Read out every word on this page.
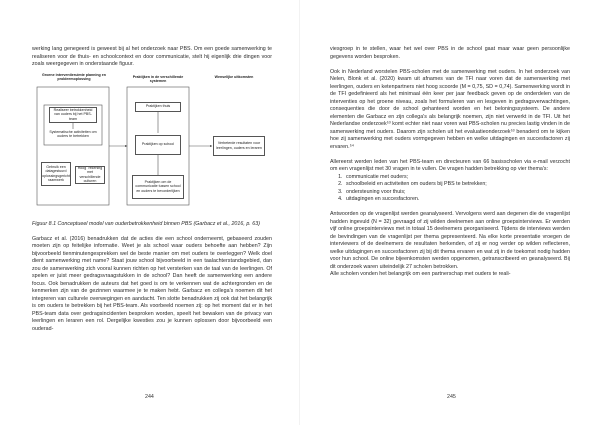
werking lang genegeerd is geweest bij al het onderzoek naar PBS. Om een goede samenwerking te realiseren voor de thuis- en schoolcontext en door communicatie, stelt hij eigenlijk drie dingen voor zoals weergegeven in onderstaande figuur.

Groene interventieruimte planning en probleemoplossing
Praktijken in de verschillende systemen
Wenselijke uitkomsten
Realiseer betrokkenheid van ouders bij het PBS-team
Systematische activiteiten om ouders te betrekken
Gebruik een datagestuurd oplossingsgericht raamwerk
Hoog´ rekening met verschillende culturen
Praktijken thuis
Praktijken op school
Praktijken om de communicatie tussen school en ouders te bevorderlijken
Verbeterde resultaten voor leerlingen, ouders en leraren

Figuur 8.1 Conceptueel model van ouderbetrokkenheid binnen PBS (Garbacz et al., 2016, p. 63)

Garbacz et al. (2016) benadrukken dat de acties die een school onderneemt, gebaseerd zouden moeten zijn op feitelijke informatie. Weet je als school waar ouders behoefte aan hebben? Zijn bijvoorbeeld tienminutengesprekken wel de beste manier om met ouders te overleggen? Welk doel dient samenwerking met name? Staat jouw school bijvoorbeeld in een taalachterstandsgebied, dan zou de samenwerking zich vooral kunnen richten op het versterken van de taal van de leerlingen. Of spelen er juist meer gedragsvraagstukken in de school? Dan heeft de samenwerking een andere focus. Ook benadrukken de auteurs dat het goed is om te verkennen wat de achtergronden en de kenmerken zijn van de gezinnen waarmee je te maken hebt. Garbacz en collega's noemen dit het integreren van culturele overwegingen en aandacht. Ten slotte benadrukken zij ook dat het belangrijk is om ouders te betrekken bij het PBS-team. Als voorbeeld noemen zij: op het moment dat er in het PBS-team data over gedragsincidenten besproken worden, speelt het bewaken van de privacy van leerlingen en leraren een rol. Dergelijke kwesties zou je kunnen oplossen door bijvoorbeeld een ouderad-

244

viesgroep in te stellen, waar het wel over PBS in de school gaat maar waar geen persoonlijke gegevens worden besproken.

Ook in Nederland worstelen PBS-scholen met de samenwerking met ouders. In het onderzoek van Nelen, Blonk et al. (2020) kwam uit afnames van de TFI naar voren dat de samenwerking met leerlingen, ouders en ketenpartners niet hoog scoorde (M = 0,75, SD = 0,74). Samenwerking wordt in de TFI gedefinieerd als het minimaal één keer per jaar feedback geven op de onderdelen van de interventies op het groene niveau, zoals het formuleren van en lesgeven in gedragsverwachtingen, consequenties die door de school gehanteerd worden en het beloningssysteem. De andere elementen die Garbacz en zijn collega's als belangrijk noemen, zijn niet verwerkt in de TFI. Uit het Nederlandse onderzoek⁵³ komt echter niet naar voren wat PBS-scholen nu precies lastig vinden in de samenwerking met ouders. Daarom zijn scholen uit het evaluatieonderzoek⁵³ benaderd om te kijken hoe zij samenwerking met ouders vormgegeven hebben en welke uitdagingen en succesfactoren zij ervaren.⁵⁴

Allereerst werden leden van het PBS-team en directeuren van 66 basisscholen via e-mail verzocht om een vragenlijst met 30 vragen in te vullen. De vragen hadden betrekking op vier thema's:

1. communicatie met ouders;
2. schoolbeleid en activiteiten om ouders bij PBS te betrekken;
3. ondersteuning voor thuis;
4. uitdagingen en succesfactoren.

Antwoorden op de vragenlijst werden geanalyseerd. Vervolgens werd aan degenen die de vragenlijst hadden ingevuld (N = 32) gevraagd of zij wilden deelnemen aan online groepsinterviews. Er werden vijf online groepsinterviews met in totaal 15 deelnemers georganiseerd. Tijdens de interviews werden de bevindingen van de vragenlijst per thema gepresenteerd. Na elke korte presentatie vroegen de interviewers of de deelnemers de resultaten herkenden, of zij er nog verder op wilden reflecteren, welke uitdagingen en succesfactoren zij bij dit thema ervaren en wat zij in de toekomst nodig hadden voor hun school. De online bijeenkomsten werden opgenomen, getranscribeerd en geanalyseerd. Bij dit onderzoek waren uiteindelijk 27 scholen betrokken.

Alle scholen vonden het belangrijk om een partnerschap met ouders te reali-

245
